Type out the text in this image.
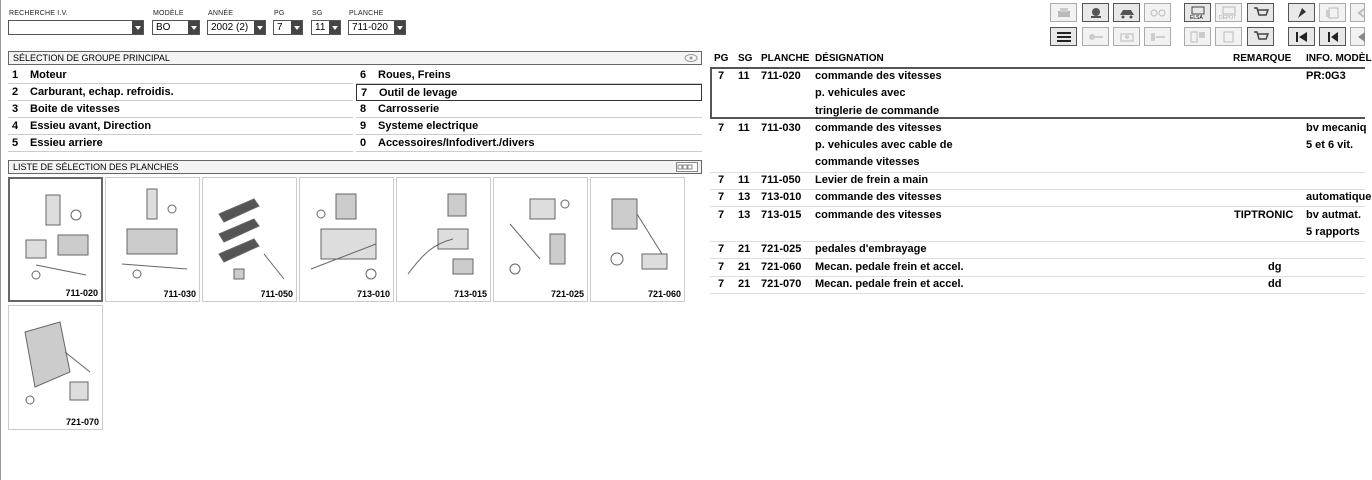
RECHERCHE I.V.	MODÈLE
BO
ANNÉE
2002 (2)
PG
7
SG
11
PLANCHE
711-020
ELSA	DEPOT
SÉLECTION DE GROUPE PRINCIPAL
1 Moteur
2 Carburant, echap. refroidis.
3 Boite de vitesses
4 Essieu avant, Direction
5 Essieu arriere
6 Roues, Freins
7 Outil de levage
8 Carrosserie
9 Systeme electrique
0 Accessoires/Infodivert./divers
LISTE DE SÉLECTION DES PLANCHES
711-020	711-030	711-050	713-010	713-015	721-025	721-060
721-070
PG SG PLANCHE DÉSIGNATION	REMARQUE INFO. MODÈL
7 11 711-020 commande des vitesses
p. vehicules avec
tringlerie de commande
PR:0G3
7 11 711-030 commande des vitesses
p. vehicules avec cable de
commande vitesses
bv mecaniq
5 et 6 vit.
7 11 711-050 Levier de frein a main
7 13 713-010 commande des vitesses	automatique
7 13 713-015 commande des vitesses	TIPTRONIC bv autmat.
5 rapports
7 21 721-025 pedales d'embrayage
7 21 721-060 Mecan. pedale frein et accel.	dg
7 21 721-070 Mecan. pedale frein et accel.	dd
